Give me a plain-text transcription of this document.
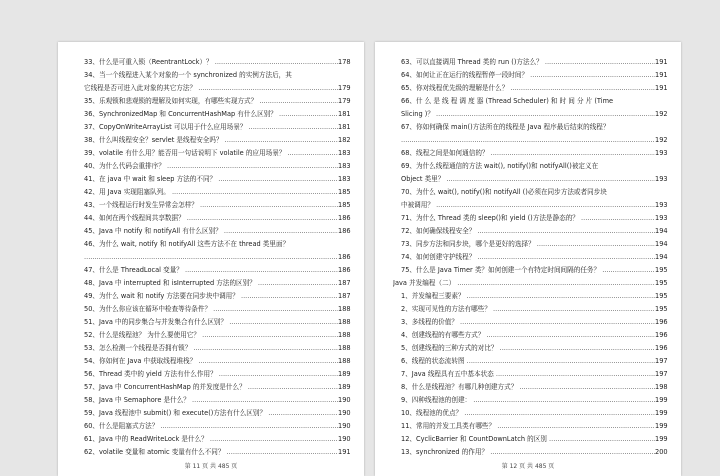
33、什么是可重入锁（ReentrantLock）？ .....	178
34、当一个线程进入某个对象的一个 synchronized 的实例方法后，其
它线程是否可进入此对象的其它方法？ .....	179
35、乐观锁和悲观锁的理解及如何实现，有哪些实现方式？ .....	179
36、SynchronizedMap 和 ConcurrentHashMap 有什么区别？ .....	181
37、CopyOnWriteArrayList 可以用于什么应用场景？ .....	181
38、什么叫线程安全？servlet 是线程安全吗？ .....	182
39、volatile 有什么用？能否用一句话说明下 volatile 的应用场景？ .....	183
40、为什么代码会重排序？ .....	183
41、在 java 中 wait 和 sleep 方法的不同？ .....	183
42、用 Java 实现阻塞队列。 .....	185
43、一个线程运行时发生异常会怎样？ .....	185
44、如何在两个线程间共享数据？ .....	186
45、Java 中 notify 和 notifyAll 有什么区别？ .....	186
46、为什么 wait, notify 和 notifyAll 这些方法不在 thread 类里面？
.....
186
47、什么是 ThreadLocal 变量？ .....	186
48、Java 中 interrupted 和 isInterrupted 方法的区别？ .....	187
49、为什么 wait 和 notify 方法要在同步块中调用？ .....	187
50、为什么你应该在循环中检查等待条件？ .....	188
51、Java 中的同步集合与并发集合有什么区别？ .....	188
52、什么是线程池？ 为什么要使用它？ .....	188
53、怎么检测一个线程是否拥有锁？ .....	188
54、你如何在 Java 中获取线程堆栈？ .....	188
56、Thread 类中的 yield 方法有什么作用？ .....	189
57、Java 中 ConcurrentHashMap 的并发度是什么？ .....	189
58、Java 中 Semaphore 是什么？ .....	190
59、Java 线程池中 submit() 和 execute()方法有什么区别？ .....	190
60、什么是阻塞式方法？ .....	190
61、Java 中的 ReadWriteLock 是什么？ .....	190
62、volatile 变量和 atomic 变量有什么不同？ .....	191
第 11 页 共 485 页
63、可以直接调用 Thread 类的 run ()方法么？ .....	191
64、如何让正在运行的线程暂停一段时间？ .....	191
65、你对线程优先级的理解是什么？ .....	191
66、什 么 是 线 程 调 度 器 (Thread Scheduler) 和 时 间 分 片 (Time
Slicing )？ .....	192
67、你如何确保 main()方法所在的线程是 Java 程序最后结束的线程？
.....
192
68、线程之间是如何通信的？ .....	193
69、为什么线程通信的方法 wait(), notify()和 notifyAll()被定义在
Object 类里？ .....	193
70、为什么 wait(), notify()和 notifyAll ()必须在同步方法或者同步块
中被调用？ .....	193
71、为什么 Thread 类的 sleep()和 yield ()方法是静态的？ .....	193
72、如何确保线程安全？ .....	194
73、同步方法和同步块，哪个是更好的选择？ .....	194
74、如何创建守护线程？ .....	194
75、什么是 Java Timer 类？如何创建一个有特定时间间隔的任务？ .....	195
Java 并发编程（二） .....	195
1、并发编程三要素？ .....	195
2、实现可见性的方法有哪些？ .....	195
3、多线程的价值？ .....	196
4、创建线程的有哪些方式？ .....	196
5、创建线程的三种方式的对比？ .....	196
6、线程的状态流转图 .....	197
7、Java 线程具有五中基本状态 .....	197
8、什么是线程池？有哪几种创建方式？ .....	198
9、四种线程池的创建： .....	199
10、线程池的优点？ .....	199
11、常用的并发工具类有哪些？ .....	199
12、CyclicBarrier 和 CountDownLatch 的区别 .....	199
13、synchronized 的作用？ .....	200
第 12 页 共 485 页
